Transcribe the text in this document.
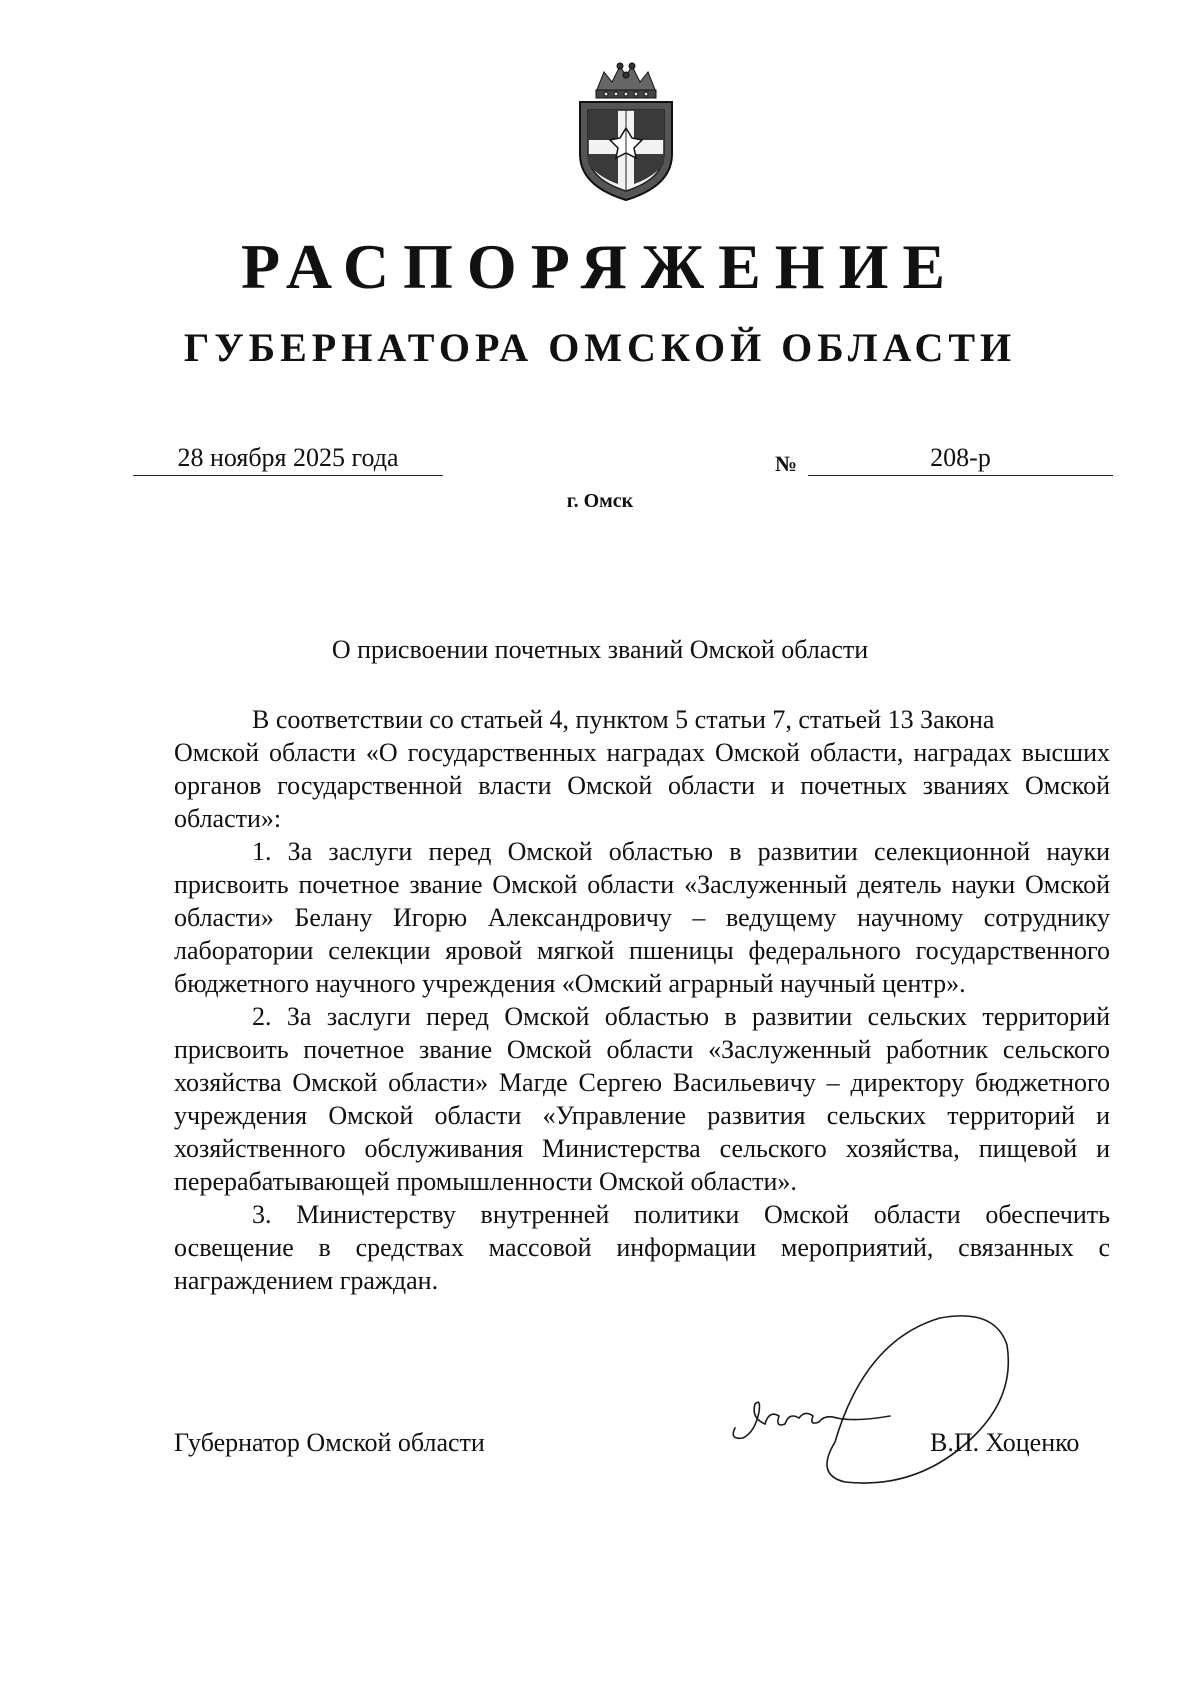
РАСПОРЯЖЕНИЕ
ГУБЕРНАТОРА ОМСКОЙ ОБЛАСТИ
28 ноября 2025 года	№	208-р
г. Омск
О присвоении почетных званий Омской области

В соответствии со статьей 4, пунктом 5 статьи 7, статьей 13 Закона

Омской области «О государственных наградах Омской области, наградах высших органов государственной власти Омской области и почетных званиях Омской области»:

1. За заслуги перед Омской областью в развитии селекционной науки присвоить почетное звание Омской области «Заслуженный деятель науки Омской области» Белану Игорю Александровичу – ведущему научному сотруднику лаборатории селекции яровой мягкой пшеницы федерального государственного бюджетного научного учреждения «Омский аграрный научный центр».

2. За заслуги перед Омской областью в развитии сельских территорий присвоить почетное звание Омской области «Заслуженный работник сельского хозяйства Омской области» Магде Сергею Васильевичу – директору бюджетного учреждения Омской области «Управление развития сельских территорий и хозяйственного обслуживания Министерства сельского хозяйства, пищевой и перерабатывающей промышленности Омской области».

3. Министерству внутренней политики Омской области обеспечить освещение в средствах массовой информации мероприятий, связанных с награждением граждан.

Губернатор Омской области	В.П. Хоценко
